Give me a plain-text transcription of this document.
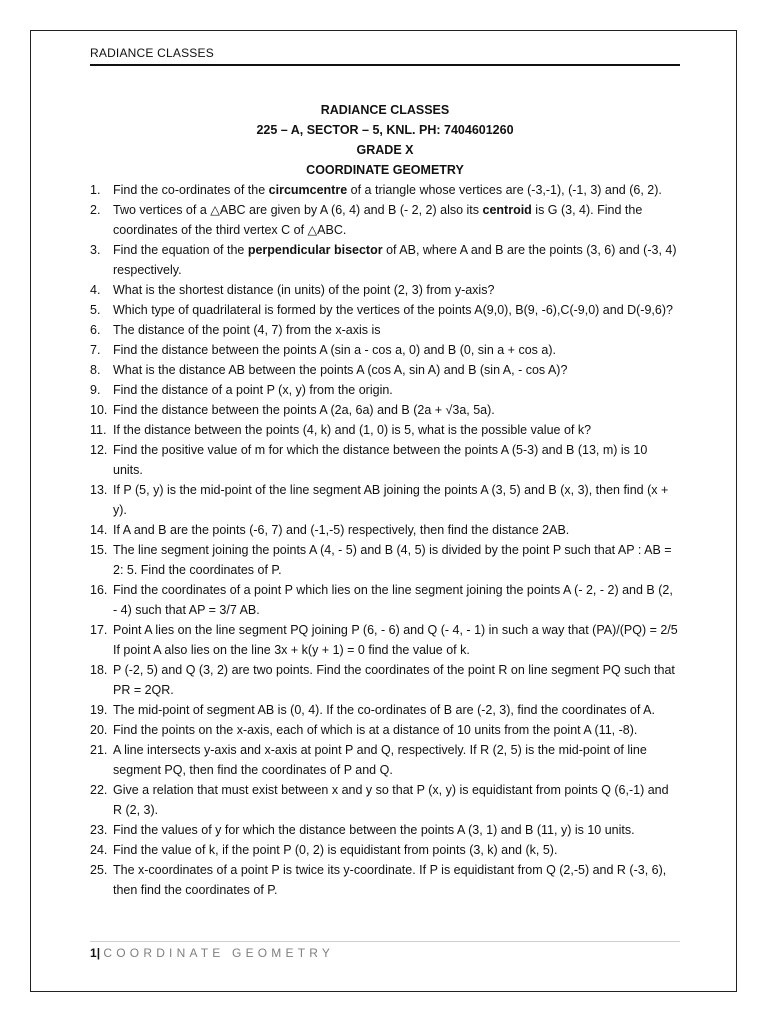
RADIANCE CLASSES
RADIANCE CLASSES
225 – A, SECTOR – 5, KNL. PH: 7404601260
GRADE X
COORDINATE GEOMETRY
1.	Find the co-ordinates of the circumcentre of a triangle whose vertices are (-3,-1), (-1, 3) and (6, 2).
2.	Two vertices of a △ABC are given by A (6, 4) and B (- 2, 2) also its centroid is G (3, 4). Find the coordinates of the third vertex C of △ABC.
3.	Find the equation of the perpendicular bisector of AB, where A and B are the points (3, 6) and (-3, 4) respectively.
4.	What is the shortest distance (in units) of the point (2, 3) from y-axis?
5.	Which type of quadrilateral is formed by the vertices of the points A(9,0), B(9, -6),C(-9,0) and D(-9,6)?
6.	The distance of the point (4, 7) from the x-axis is
7.	Find the distance between the points A (sin a - cos a, 0) and B (0, sin a + cos a).
8.	What is the distance AB between the points A (cos A, sin A) and B (sin A, - cos A)?
9.	Find the distance of a point P (x, y) from the origin.
10. Find the distance between the points A (2a, 6a) and B (2a + √3a, 5a).
11. If the distance between the points (4, k) and (1, 0) is 5, what is the possible value of k?
12. Find the positive value of m for which the distance between the points A (5-3) and B (13, m) is 10 units.
13. If P (5, y) is the mid-point of the line segment AB joining the points A (3, 5) and B (x, 3), then find (x + y).
14. If A and B are the points (-6, 7) and (-1,-5) respectively, then find the distance 2AB.
15. The line segment joining the points A (4, - 5) and B (4, 5) is divided by the point P such that AP : AB = 2: 5. Find the coordinates of P.
16. Find the coordinates of a point P which lies on the line segment joining the points A (- 2, - 2) and B (2, - 4) such that AP = 3/7 AB.
17. Point A lies on the line segment PQ joining P (6, - 6) and Q (- 4, - 1) in such a way that (PA)/(PQ) = 2/5 If point A also lies on the line 3x + k(y + 1) = 0 find the value of k.
18. P (-2, 5) and Q (3, 2) are two points. Find the coordinates of the point R on line segment PQ such that PR = 2QR.
19. The mid-point of segment AB is (0, 4). If the co-ordinates of B are (-2, 3), find the coordinates of A.
20. Find the points on the x-axis, each of which is at a distance of 10 units from the point A (11, -8).
21. A line intersects y-axis and x-axis at point P and Q, respectively. If R (2, 5) is the mid-point of line segment PQ, then find the coordinates of P and Q.
22. Give a relation that must exist between x and y so that P (x, y) is equidistant from points Q (6,-1) and R (2, 3).
23. Find the values of y for which the distance between the points A (3, 1) and B (11, y) is 10 units.
24. Find the value of k, if the point P (0, 2) is equidistant from points (3, k) and (k, 5).
25. The x-coordinates of a point P is twice its y-coordinate. If P is equidistant from Q (2,-5) and R (-3, 6), then find the coordinates of P.
1| COORDINATE GEOMETRY
